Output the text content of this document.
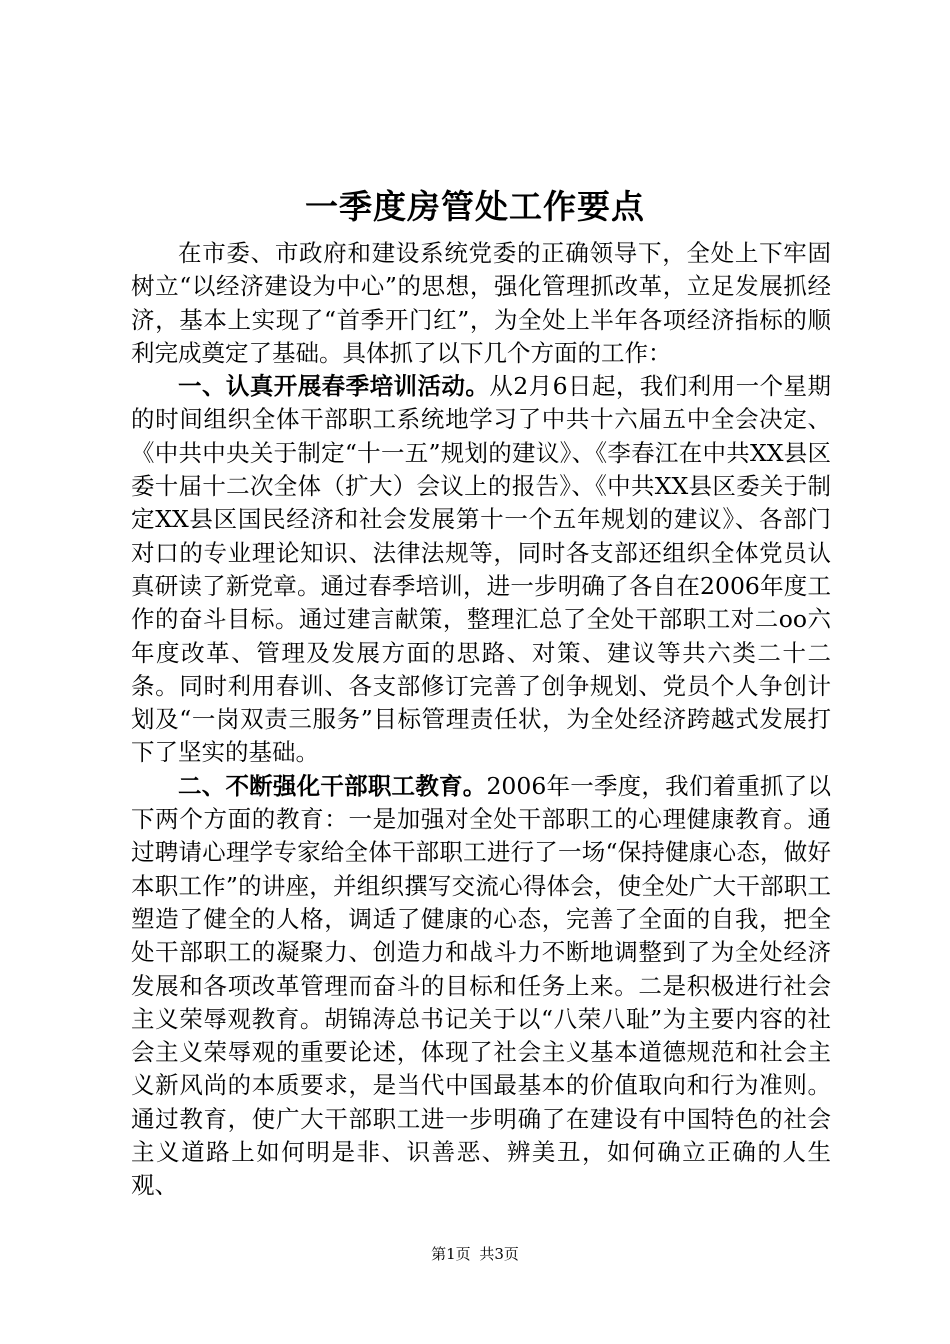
一季度房管处工作要点

在市委、市政府和建设系统党委的正确领导下，全处上下牢固树立“以经济建设为中心”的思想，强化管理抓改革，立足发展抓经济，基本上实现了“首季开门红”，为全处上半年各项经济指标的顺利完成奠定了基础。具体抓了以下几个方面的工作：

一、认真开展春季培训活动。从2月6日起，我们利用一个星期的时间组织全体干部职工系统地学习了中共十六届五中全会决定、《中共中央关于制定“十一五”规划的建议》、《李春江在中共XX县区委十届十二次全体（扩大）会议上的报告》、《中共XX县区委关于制定XX县区国民经济和社会发展第十一个五年规划的建议》、各部门对口的专业理论知识、法律法规等，同时各支部还组织全体党员认真研读了新党章。通过春季培训，进一步明确了各自在2006年度工作的奋斗目标。通过建言献策，整理汇总了全处干部职工对二oo六年度改革、管理及发展方面的思路、对策、建议等共六类二十二条。同时利用春训、各支部修订完善了创争规划、党员个人争创计划及“一岗双责三服务”目标管理责任状，为全处经济跨越式发展打下了坚实的基础。

二、不断强化干部职工教育。2006年一季度，我们着重抓了以下两个方面的教育：一是加强对全处干部职工的心理健康教育。通过聘请心理学专家给全体干部职工进行了一场“保持健康心态，做好本职工作”的讲座，并组织撰写交流心得体会，使全处广大干部职工塑造了健全的人格，调适了健康的心态，完善了全面的自我，把全处干部职工的凝聚力、创造力和战斗力不断地调整到了为全处经济发展和各项改革管理而奋斗的目标和任务上来。二是积极进行社会主义荣辱观教育。胡锦涛总书记关于以“八荣八耻”为主要内容的社会主义荣辱观的重要论述，体现了社会主义基本道德规范和社会主义新风尚的本质要求，是当代中国最基本的价值取向和行为准则。通过教育，使广大干部职工进一步明确了在建设有中国特色的社会主义道路上如何明是非、识善恶、辨美丑，如何确立正确的人生观、

第1页 共3页
